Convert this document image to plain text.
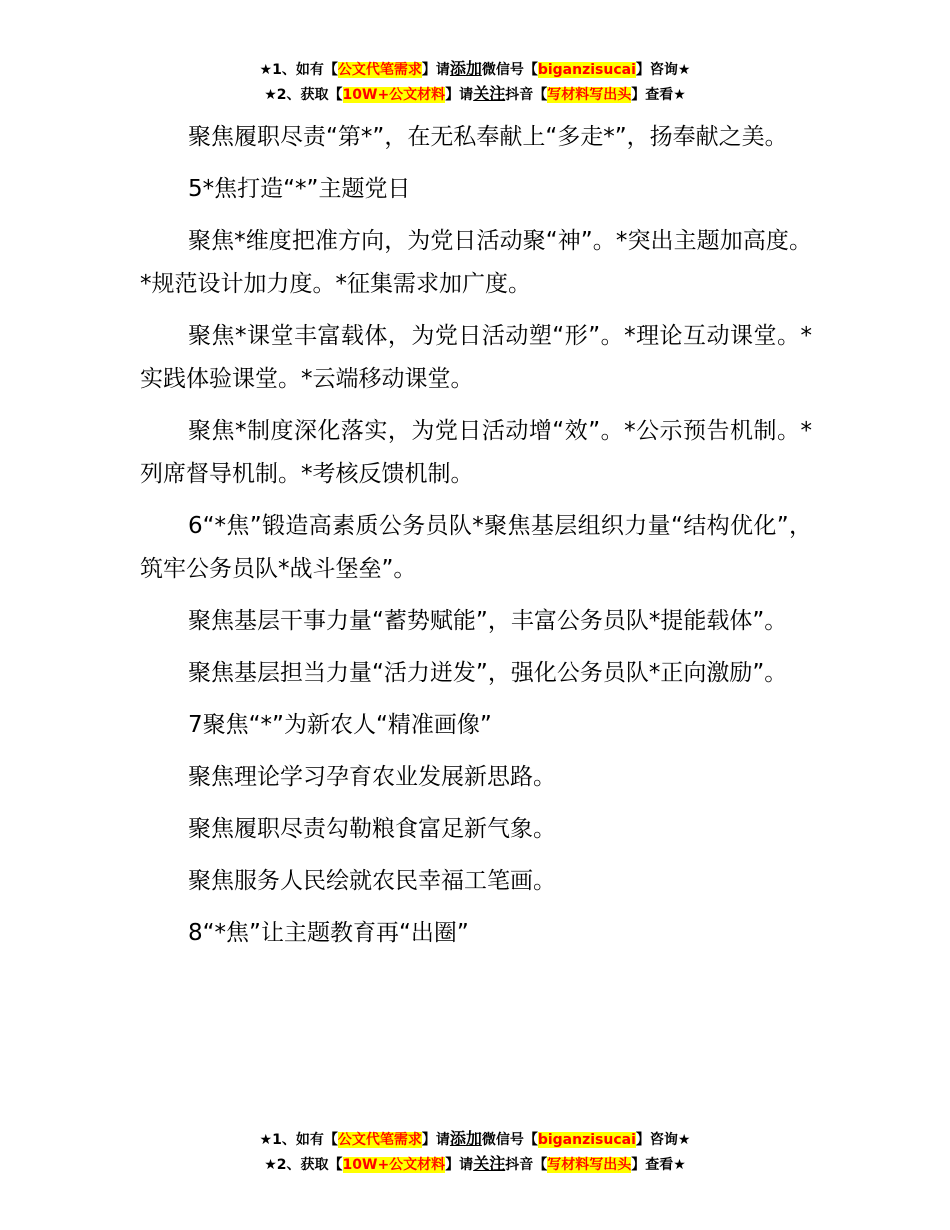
★1、如有【公文代笔需求】请添加微信号【biganzisucai】咨询★
★2、获取【10W+公文材料】请关注抖音【写材料写出头】查看★

聚焦履职尽责“第*”，在无私奉献上“多走*”，扬奉献之美。

5*焦打造“*”主题党日

聚焦*维度把准方向，为党日活动聚“神”。*突出主题加高度。*规范设计加力度。*征集需求加广度。

聚焦*课堂丰富载体，为党日活动塑“形”。*理论互动课堂。*实践体验课堂。*云端移动课堂。

聚焦*制度深化落实，为党日活动增“效”。*公示预告机制。*列席督导机制。*考核反馈机制。

6“*焦”锻造高素质公务员队*聚焦基层组织力量“结构优化”，筑牢公务员队*战斗堡垒”。

聚焦基层干事力量“蓄势赋能”，丰富公务员队*提能载体”。

聚焦基层担当力量“活力迸发”，强化公务员队*正向激励”。

7聚焦“*”为新农人“精准画像”

聚焦理论学习孕育农业发展新思路。

聚焦履职尽责勾勒粮食富足新气象。

聚焦服务人民绘就农民幸福工笔画。

8“*焦”让主题教育再“出圈”

★1、如有【公文代笔需求】请添加微信号【biganzisucai】咨询★
★2、获取【10W+公文材料】请关注抖音【写材料写出头】查看★
